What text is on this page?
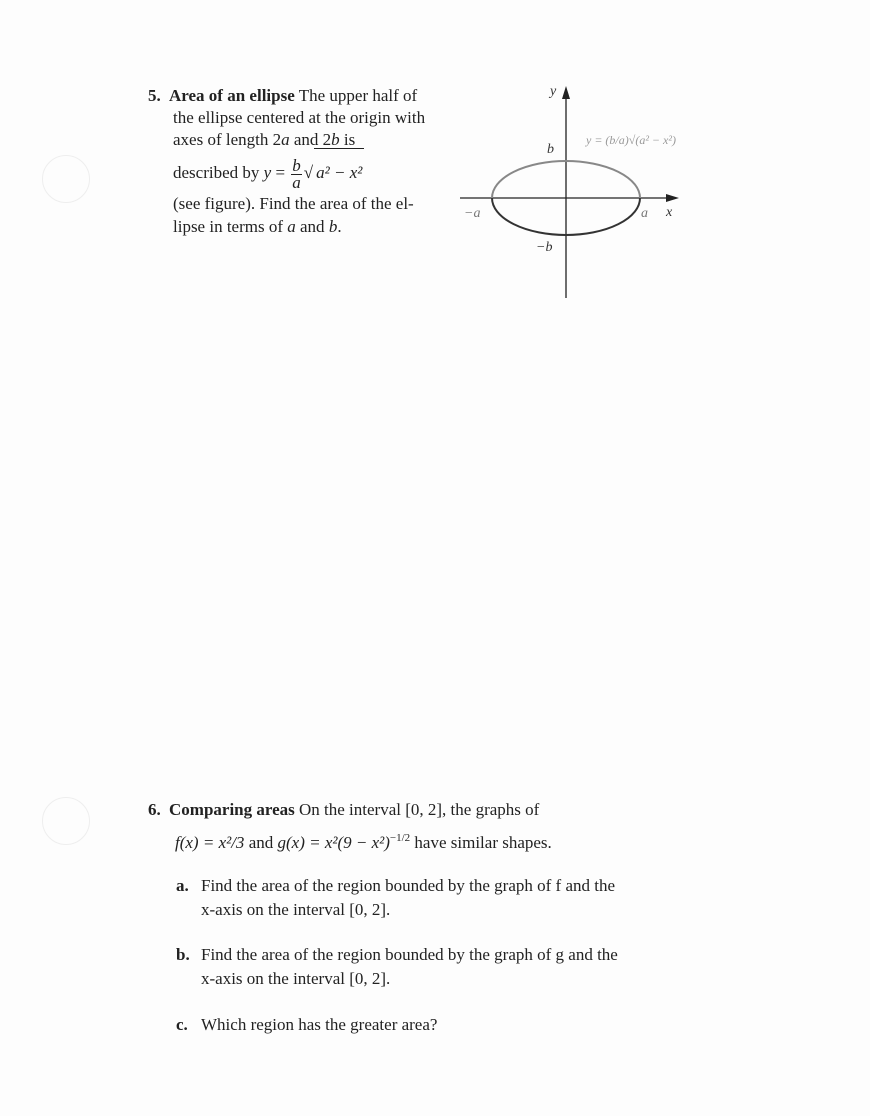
5. Area of an ellipse The upper half of
the ellipse centered at the origin with
axes of length 2a and 2b is
described by $y = \frac{b}{a}$ √ a² − x²
(see figure). Find the area of the el-
lipse in terms of a and b.
y
x
b
−b
a
−a
y = (b/a)√(a² − x²)
6. Comparing areas On the interval [0, 2], the graphs of
f(x) = x²/3 and $g(x) = x^2(9 - x^2)^{-1/2}$ have similar shapes.
a. Find the area of the region bounded by the graph of f and the
x-axis on the interval [0, 2].
b. Find the area of the region bounded by the graph of g and the
x-axis on the interval [0, 2].
c. Which region has the greater area?
